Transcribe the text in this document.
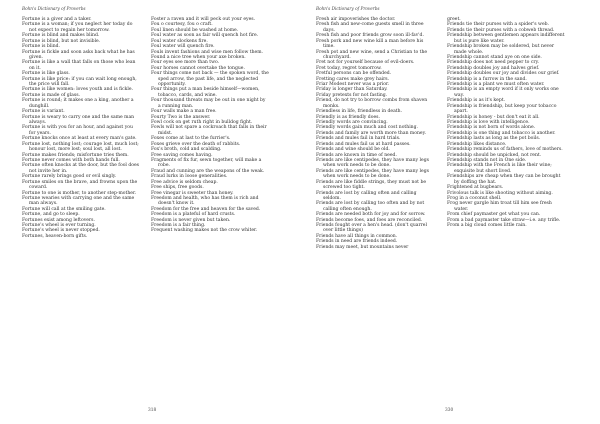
Bohn's Dictionary of Proverbs

Fortune is a giver and a taker.

Fortune is a woman; if you neglect her today do not expect to regain her tomorrow.

Fortune is blind and makes blind.

Fortune is blind, but not invisible.

Fortune is blind.

Fortune is fickle and soon asks back what he has given.

Fortune is like a wall that falls on those who lean on it.

Fortune is like glass.

Fortune is like price: if you can wait long enough, the price will fall.

Fortune is like women: loves youth and is fickle.

Fortune is made of glass.

Fortune is round; it makes one a king, another a dunghill.

Fortune is variant.

Fortune is weary to carry one and the same man always.

Fortune is with you for an hour, and against you for years.

Fortune knocks once at least at every man's gate.

Fortune lost, nothing lost; courage lost, much lost; honour lost, more lost; soul lost, all lost.

Fortune makes friends; misfortune tries them.

Fortune never comes with both hands full.

Fortune often knocks at the door, but the fool does not invite her in.

Fortune rarely brings good or evil singly.

Fortune smiles on the brave, and frowns upon the coward.

Fortune to one is mother, to another step-mother.

Fortune wearies with carrying one and the same man always.

Fortune will call at the smiling gate.

Fortune, and go to sleep.

Fortunes exist among leftovers.

Fortune's wheel is ever turning.

Fortune's wheel is never stopped.

Fortunes, heaven-born gifts.

Foster a raven and it will peck out your eyes.

Fou o courtesy, fou o craft.

Foul linen should be washed at home.

Foul water as soon as fair will quench hot fire.

Foul water slockens fire.

Foul water will quench fire.

Fouls invent fashions and wise men follow them.

Found a nice tree when your axe broken.

Four eyes see more than two.

Four horses cannot overtake the tongue.

Four things come not back — the spoken word, the sped arrow, the past life, and the neglected opportunity.

Four things put a man beside himself—women, tobacco, cards, and wine.

Four thousand threats may be out in one night by a running man.

Four walls make a man free.

Fourty Two is the answer.

Fowl cock on get ruth right in bulldog fight.

Fowls will not spare a cockroach that falls in their midst.

Foxes come at last to the furrier's.

Foxes grieve over the death of rabbits.

Fox's broth, cold and scalding.

Free saving comes having.

Fragments of fix fur, sewn together, will make a robe.

Fraud and cunning are the weapons of the weak.

Fraud lurks in loose generalities.

Free advice is seldom cheap.

Free ships, free goods.

Free vinegar is sweeter than honey.

Freedom and health, who has them is rich and doesn't know it.

Freedom for the free and heaven for the saved.

Freedom is a plateful of hard crusts.

Freedom is never given but taken.

Freedom is a fair thing.

Frequent washing makes not the crow whiter.

318
Bohn's Dictionary of Proverbs

Fresh air impoverishes the doctor.

Fresh fish and new-come guests smell in three days.

Fresh fish and poor friends grow soon ill-fav'd.

Fresh pork and new wine kill a man before his time.

Fresh pot and new wine, send a Christian to the churchyard.

Fret not for yourself because of evil-doers.

Fret today, regret tomorrow.

Fretful persons can be offended.

Fretting cares make grey hairs.

Friar Modest never was a prior.

Friday is longer than Saturday.

Friday pretexts for not fasting.

Friend, do not try to borrow combs from shaven monks.

Friendless in life, friendless in death.

Friendly is as friendly does.

Friendly words are convincing.

Friendly words gain much and cost nothing.

Friends and family are worth more than money.

Friends and mules fail in hard trials.

Friends and mules fail us at hard passes.

Friends and wine should be old.

Friends are known in time of need.

Friends are like centipedes, they have many legs when work needs to be done.

Friends are like centipedes, they have many legs when work needs to be done.

Friends are like fiddle strings, they must not be screwed too tight.

Friends are lost by calling often and calling seldom.

Friends are lost by calling too often and by not calling often enough.

Friends are needed both for joy and for sorrow.

Friends become foes, and foes are reconciled.

Friends fought over a hen's head. (don't quarrel over little things)

Friends have all things in common.

Friends in need are friends indeed.

Friends may meet, but mountains never

greet.

Friends tie their purses with a spider's web.

Friends tie their purses with a cobweb thread.

Friendship between gentlemen appears indifferent but is pure like water.

Friendship broken may be soldered, but never made whole.

Friendship cannot stand aye on one side.

Friendship does not need pepper to cry.

Friendship doubles joy and halves grief.

Friendship doubles our joy and divides our grief.

Friendship is a furrow in the sand.

Friendship is a plant we must often water.

Friendship is an empty word if it only works one way.

Friendship is as it's kept.

Friendship is friendship, but keep your tobacco apart.

Friendship is honey - but don't eat it all.

Friendship is love with intelligence.

Friendship is not born of words alone.

Friendship is one thing and tobacco is another.

Friendship lasts as long as the pot boils.

Friendship likes distance.

Friendship reminds us of fathers, love of mothers.

Friendship should be unpicked, not rent.

Friendship stands not in One side.

Friendship with the French is like their wine; exquisite but short lived.

Friendships are cheap when they can be brought by doffing the hat.

Frightened at bugbears.

Frivolous talk is like shooting without aiming.

Frog in a coconut shell.

Frog never gargle him troat till him see fresh water.

From chief paymaster get what you can.

From a bad paymaster take straw—i.e. any trifle.

From a big cloud comes little rain.

330
